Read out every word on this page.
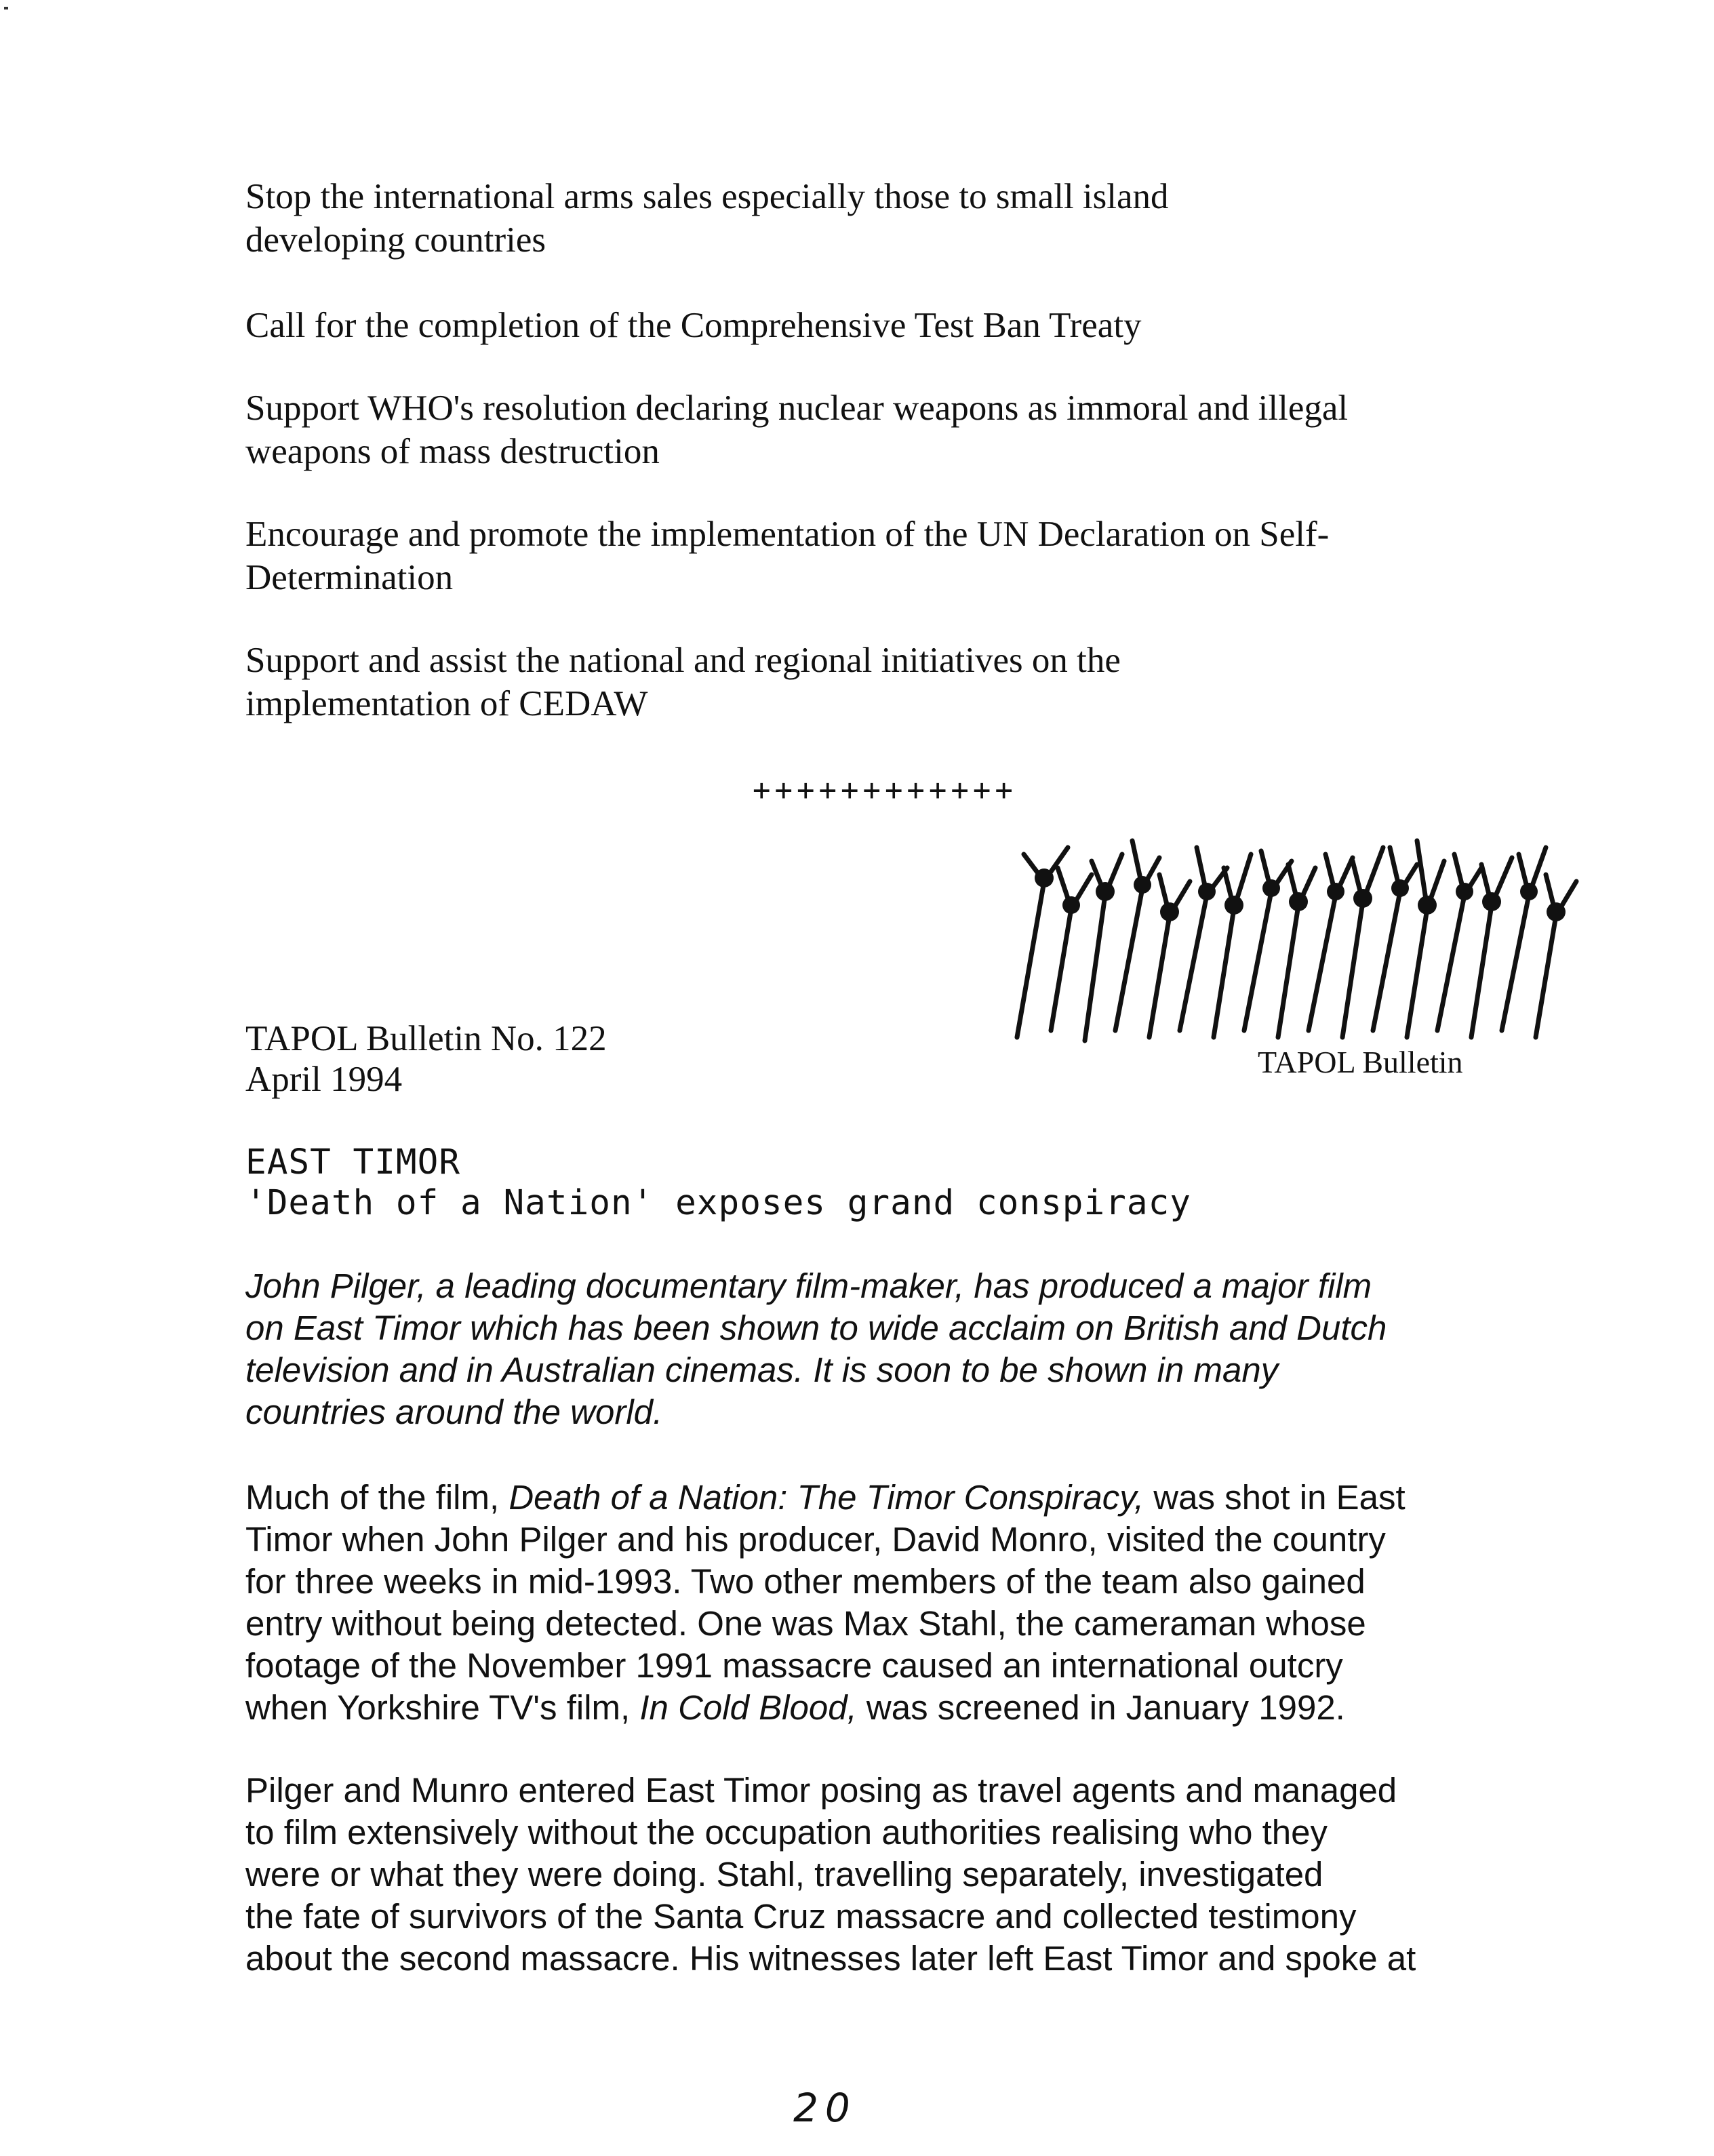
Stop the international arms sales especially those to small island
developing countries
Call for the completion of the Comprehensive Test Ban Treaty
Support WHO's resolution declaring nuclear weapons as immoral and illegal
weapons of mass destruction
Encourage and promote the implementation of the UN Declaration on Self-
Determination
Support and assist the national and regional initiatives on the
implementation of CEDAW
++++++++++++
TAPOL Bulletin
TAPOL Bulletin No. 122
April 1994
EAST TIMOR
'Death of a Nation' exposes grand conspiracy
John Pilger, a leading documentary film-maker, has produced a major film
on East Timor which has been shown to wide acclaim on British and Dutch
television and in Australian cinemas. It is soon to be shown in many
countries around the world.
Much of the film, Death of a Nation: The Timor Conspiracy, was shot in East
Timor when John Pilger and his producer, David Monro, visited the country
for three weeks in mid-1993. Two other members of the team also gained
entry without being detected. One was Max Stahl, the cameraman whose
footage of the November 1991 massacre caused an international outcry
when Yorkshire TV's film, In Cold Blood, was screened in January 1992.
Pilger and Munro entered East Timor posing as travel agents and managed
to film extensively without the occupation authorities realising who they
were or what they were doing. Stahl, travelling separately, investigated
the fate of survivors of the Santa Cruz massacre and collected testimony
about the second massacre. His witnesses later left East Timor and spoke at
20
